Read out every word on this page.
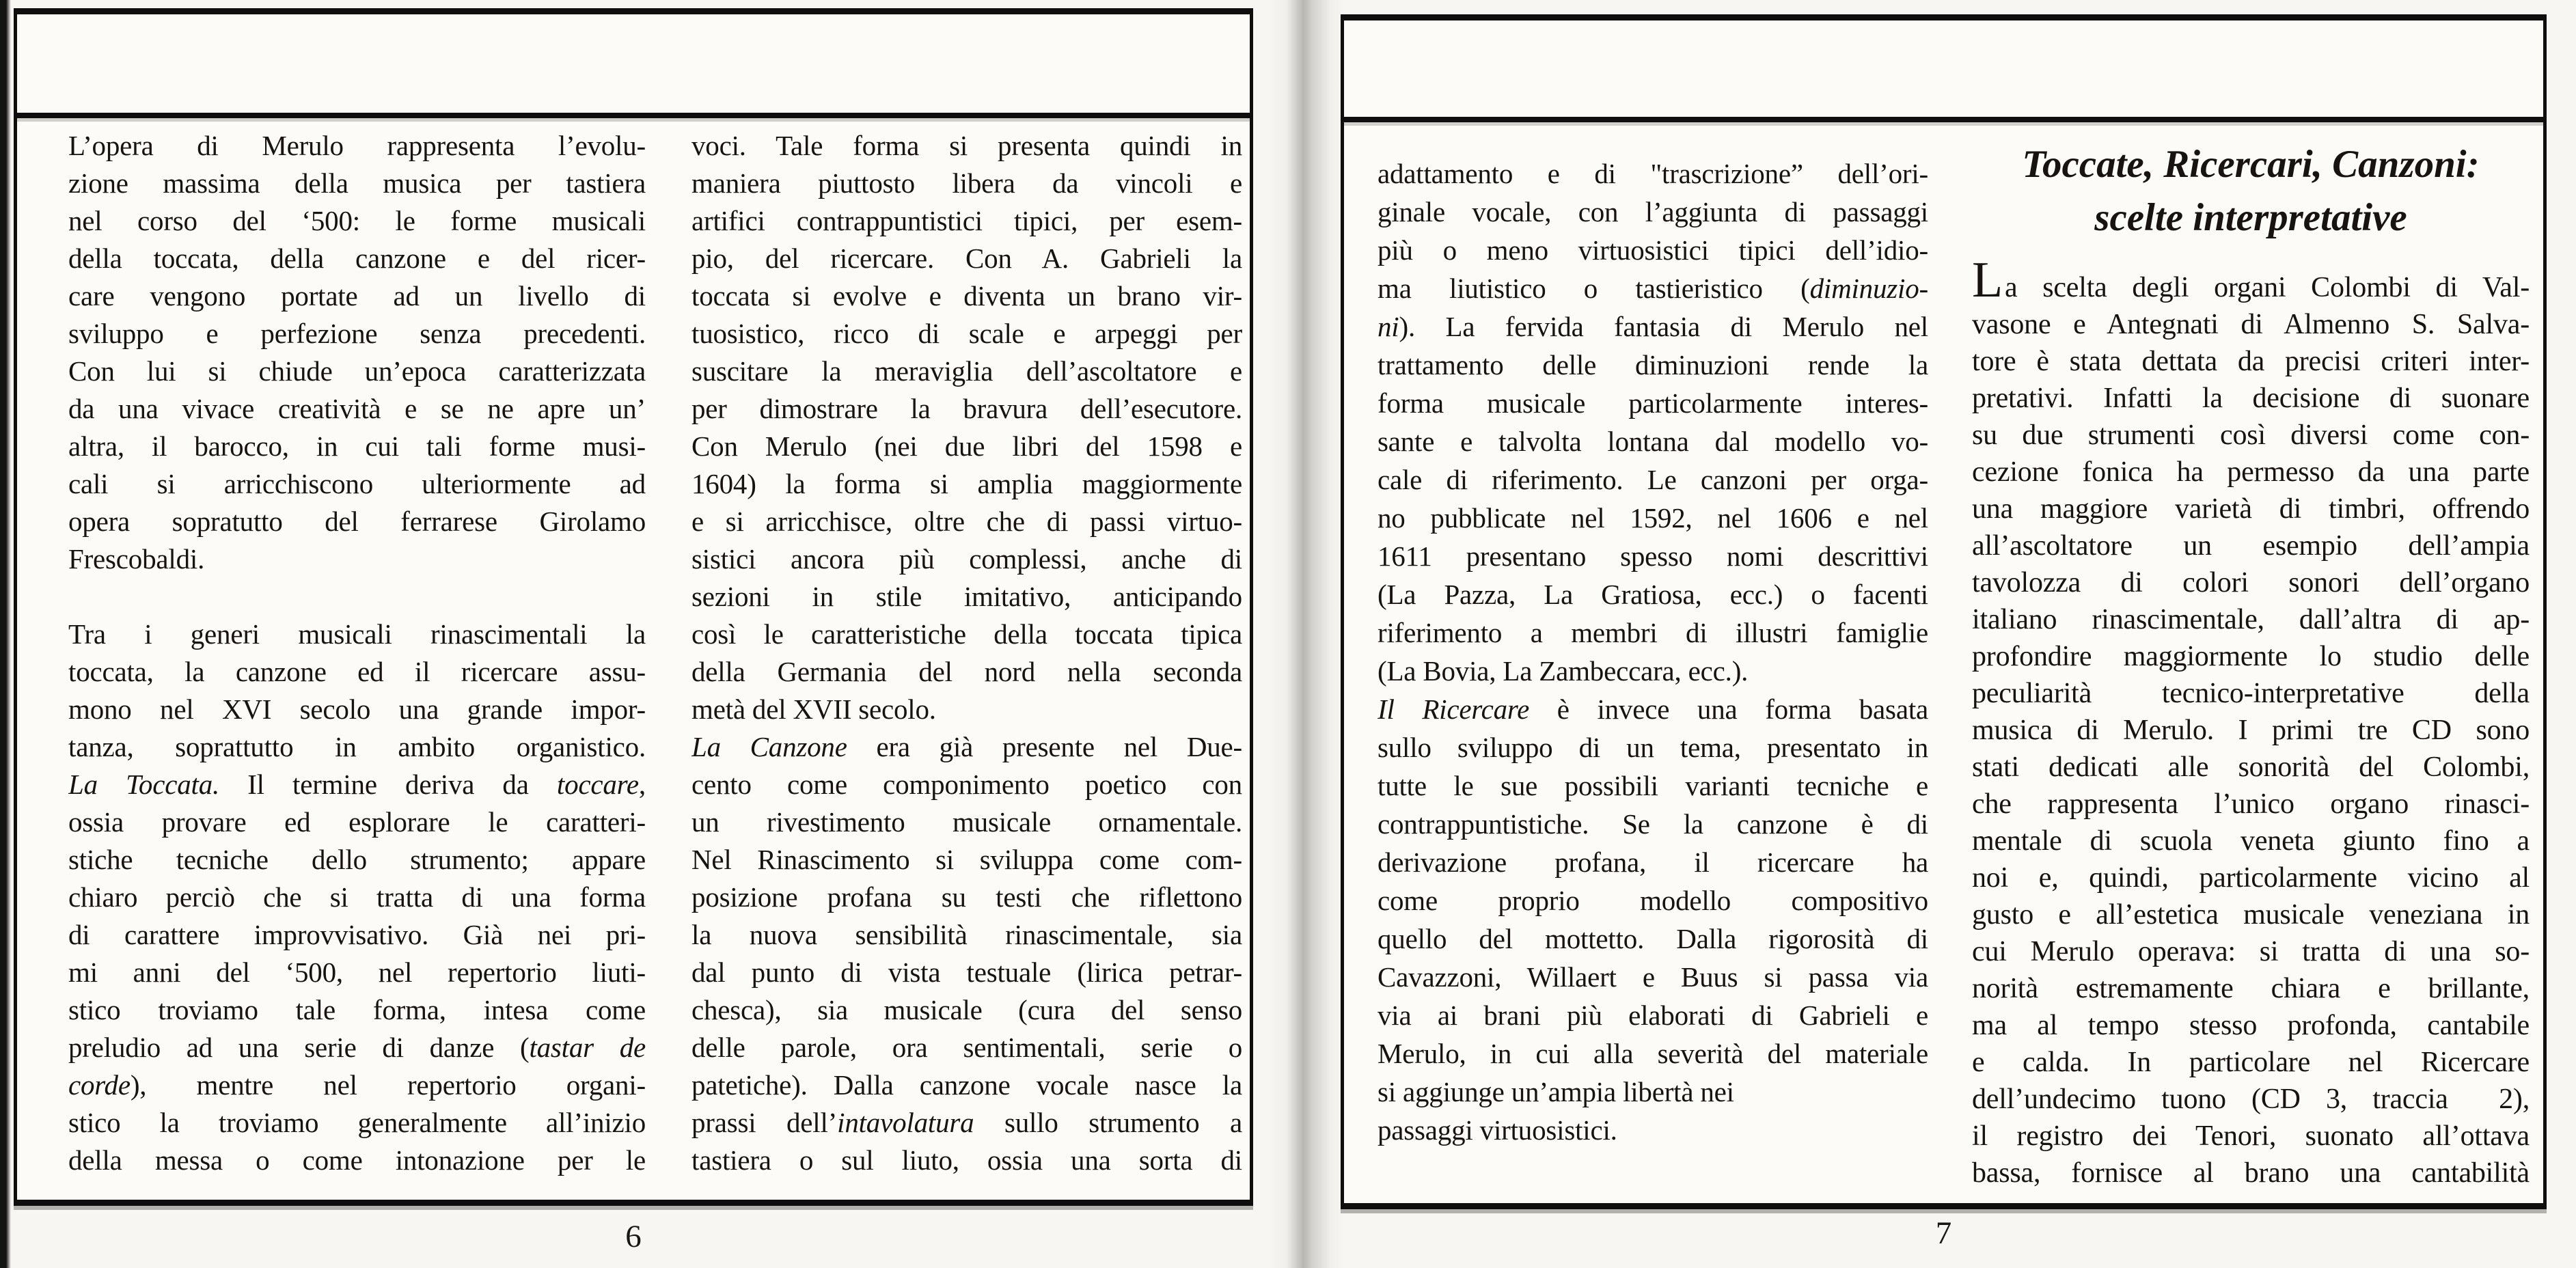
L’opera di Merulo rappresenta l’evolu-
zione massima della musica per tastiera
nel corso del ‘500: le forme musicali
della toccata, della canzone e del ricer-
care vengono portate ad un livello di
sviluppo e perfezione senza precedenti.
Con lui si chiude un’epoca caratterizzata
da una vivace creatività e se ne apre un’
altra, il barocco, in cui tali forme musi-
cali si arricchiscono ulteriormente ad
opera sopratutto del ferrarese Girolamo
Frescobaldi.
Tra i generi musicali rinascimentali la
toccata, la canzone ed il ricercare assu-
mono nel XVI secolo una grande impor-
tanza, soprattutto in ambito organistico.
La Toccata. Il termine deriva da toccare,
ossia provare ed esplorare le caratteri-
stiche tecniche dello strumento; appare
chiaro perciò che si tratta di una forma
di carattere improvvisativo. Già nei pri-
mi anni del ‘500, nel repertorio liuti-
stico troviamo tale forma, intesa come
preludio ad una serie di danze (tastar de
corde), mentre nel repertorio organi-
stico la troviamo generalmente all’inizio
della messa o come intonazione per le
voci. Tale forma si presenta quindi in
maniera piuttosto libera da vincoli e
artifici contrappuntistici tipici, per esem-
pio, del ricercare. Con A. Gabrieli la
toccata si evolve e diventa un brano vir-
tuosistico, ricco di scale e arpeggi per
suscitare la meraviglia dell’ascoltatore e
per dimostrare la bravura dell’esecutore.
Con Merulo (nei due libri del 1598 e
1604) la forma si amplia maggiormente
e si arricchisce, oltre che di passi virtuo-
sistici ancora più complessi, anche di
sezioni in stile imitativo, anticipando
così le caratteristiche della toccata tipica
della Germania del nord nella seconda
metà del XVII secolo.
La Canzone era già presente nel Due-
cento come componimento poetico con
un rivestimento musicale ornamentale.
Nel Rinascimento si sviluppa come com-
posizione profana su testi che riflettono
la nuova sensibilità rinascimentale, sia
dal punto di vista testuale (lirica petrar-
chesca), sia musicale (cura del senso
delle parole, ora sentimentali, serie o
patetiche). Dalla canzone vocale nasce la
prassi dell’intavolatura sullo strumento a
tastiera o sul liuto, ossia una sorta di
adattamento e di "trascrizione” dell’ori-
ginale vocale, con l’aggiunta di passaggi
più o meno virtuosistici tipici dell’idio-
ma liutistico o tastieristico (diminuzio-
ni). La fervida fantasia di Merulo nel
trattamento delle diminuzioni rende la
forma musicale particolarmente interes-
sante e talvolta lontana dal modello vo-
cale di riferimento. Le canzoni per orga-
no pubblicate nel 1592, nel 1606 e nel
1611 presentano spesso nomi descrittivi
(La Pazza, La Gratiosa, ecc.) o facenti
riferimento a membri di illustri famiglie
(La Bovia, La Zambeccara, ecc.).
Il Ricercare è invece una forma basata
sullo sviluppo di un tema, presentato in
tutte le sue possibili varianti tecniche e
contrappuntistiche. Se la canzone è di
derivazione profana, il ricercare ha
come proprio modello compositivo
quello del mottetto. Dalla rigorosità di
Cavazzoni, Willaert e Buus si passa via
via ai brani più elaborati di Gabrieli e
Merulo, in cui alla severità del materiale
si aggiunge un’ampia libertà nei
passaggi virtuosistici.
Toccate, Ricercari, Canzoni:
scelte interpretative
La scelta degli organi Colombi di Val-
vasone e Antegnati di Almenno S. Salva-
tore è stata dettata da precisi criteri inter-
pretativi. Infatti la decisione di suonare
su due strumenti così diversi come con-
cezione fonica ha permesso da una parte
una maggiore varietà di timbri, offrendo
all’ascoltatore un esempio dell’ampia
tavolozza di colori sonori dell’organo
italiano rinascimentale, dall’altra di ap-
profondire maggiormente lo studio delle
peculiarità tecnico-interpretative della
musica di Merulo. I primi tre CD sono
stati dedicati alle sonorità del Colombi,
che rappresenta l’unico organo rinasci-
mentale di scuola veneta giunto fino a
noi e, quindi, particolarmente vicino al
gusto e all’estetica musicale veneziana in
cui Merulo operava: si tratta di una so-
norità estremamente chiara e brillante,
ma al tempo stesso profonda, cantabile
e calda. In particolare nel Ricercare
dell’undecimo tuono (CD 3, traccia  2),
il registro dei Tenori, suonato all’ottava
bassa, fornisce al brano una cantabilità
6	7
